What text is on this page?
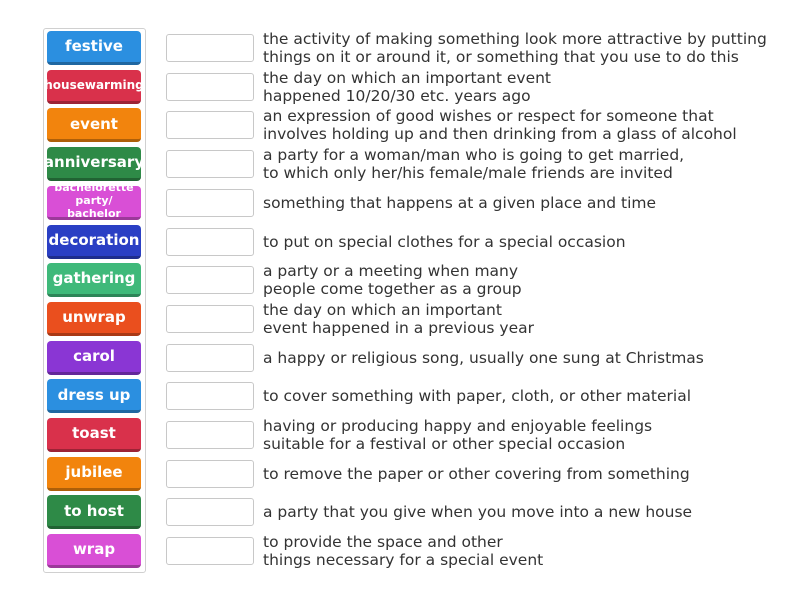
festive
housewarming
event
anniversary
bachelorette party/ bachelor
decoration
gathering
unwrap
carol
dress up
toast
jubilee
to host
wrap
the activity of making something look more attractive by putting
things on it or around it, or something that you use to do this
the day on which an important event
happened 10/20/30 etc. years ago
an expression of good wishes or respect for someone that
involves holding up and then drinking from a glass of alcohol
a party for a woman/man who is going to get married,
to which only her/his female/male friends are invited
something that happens at a given place and time
to put on special clothes for a special occasion
a party or a meeting when many
people come together as a group
the day on which an important
event happened in a previous year
a happy or religious song, usually one sung at Christmas
to cover something with paper, cloth, or other material
having or producing happy and enjoyable feelings
suitable for a festival or other special occasion
to remove the paper or other covering from something
a party that you give when you move into a new house
to provide the space and other
things necessary for a special event
